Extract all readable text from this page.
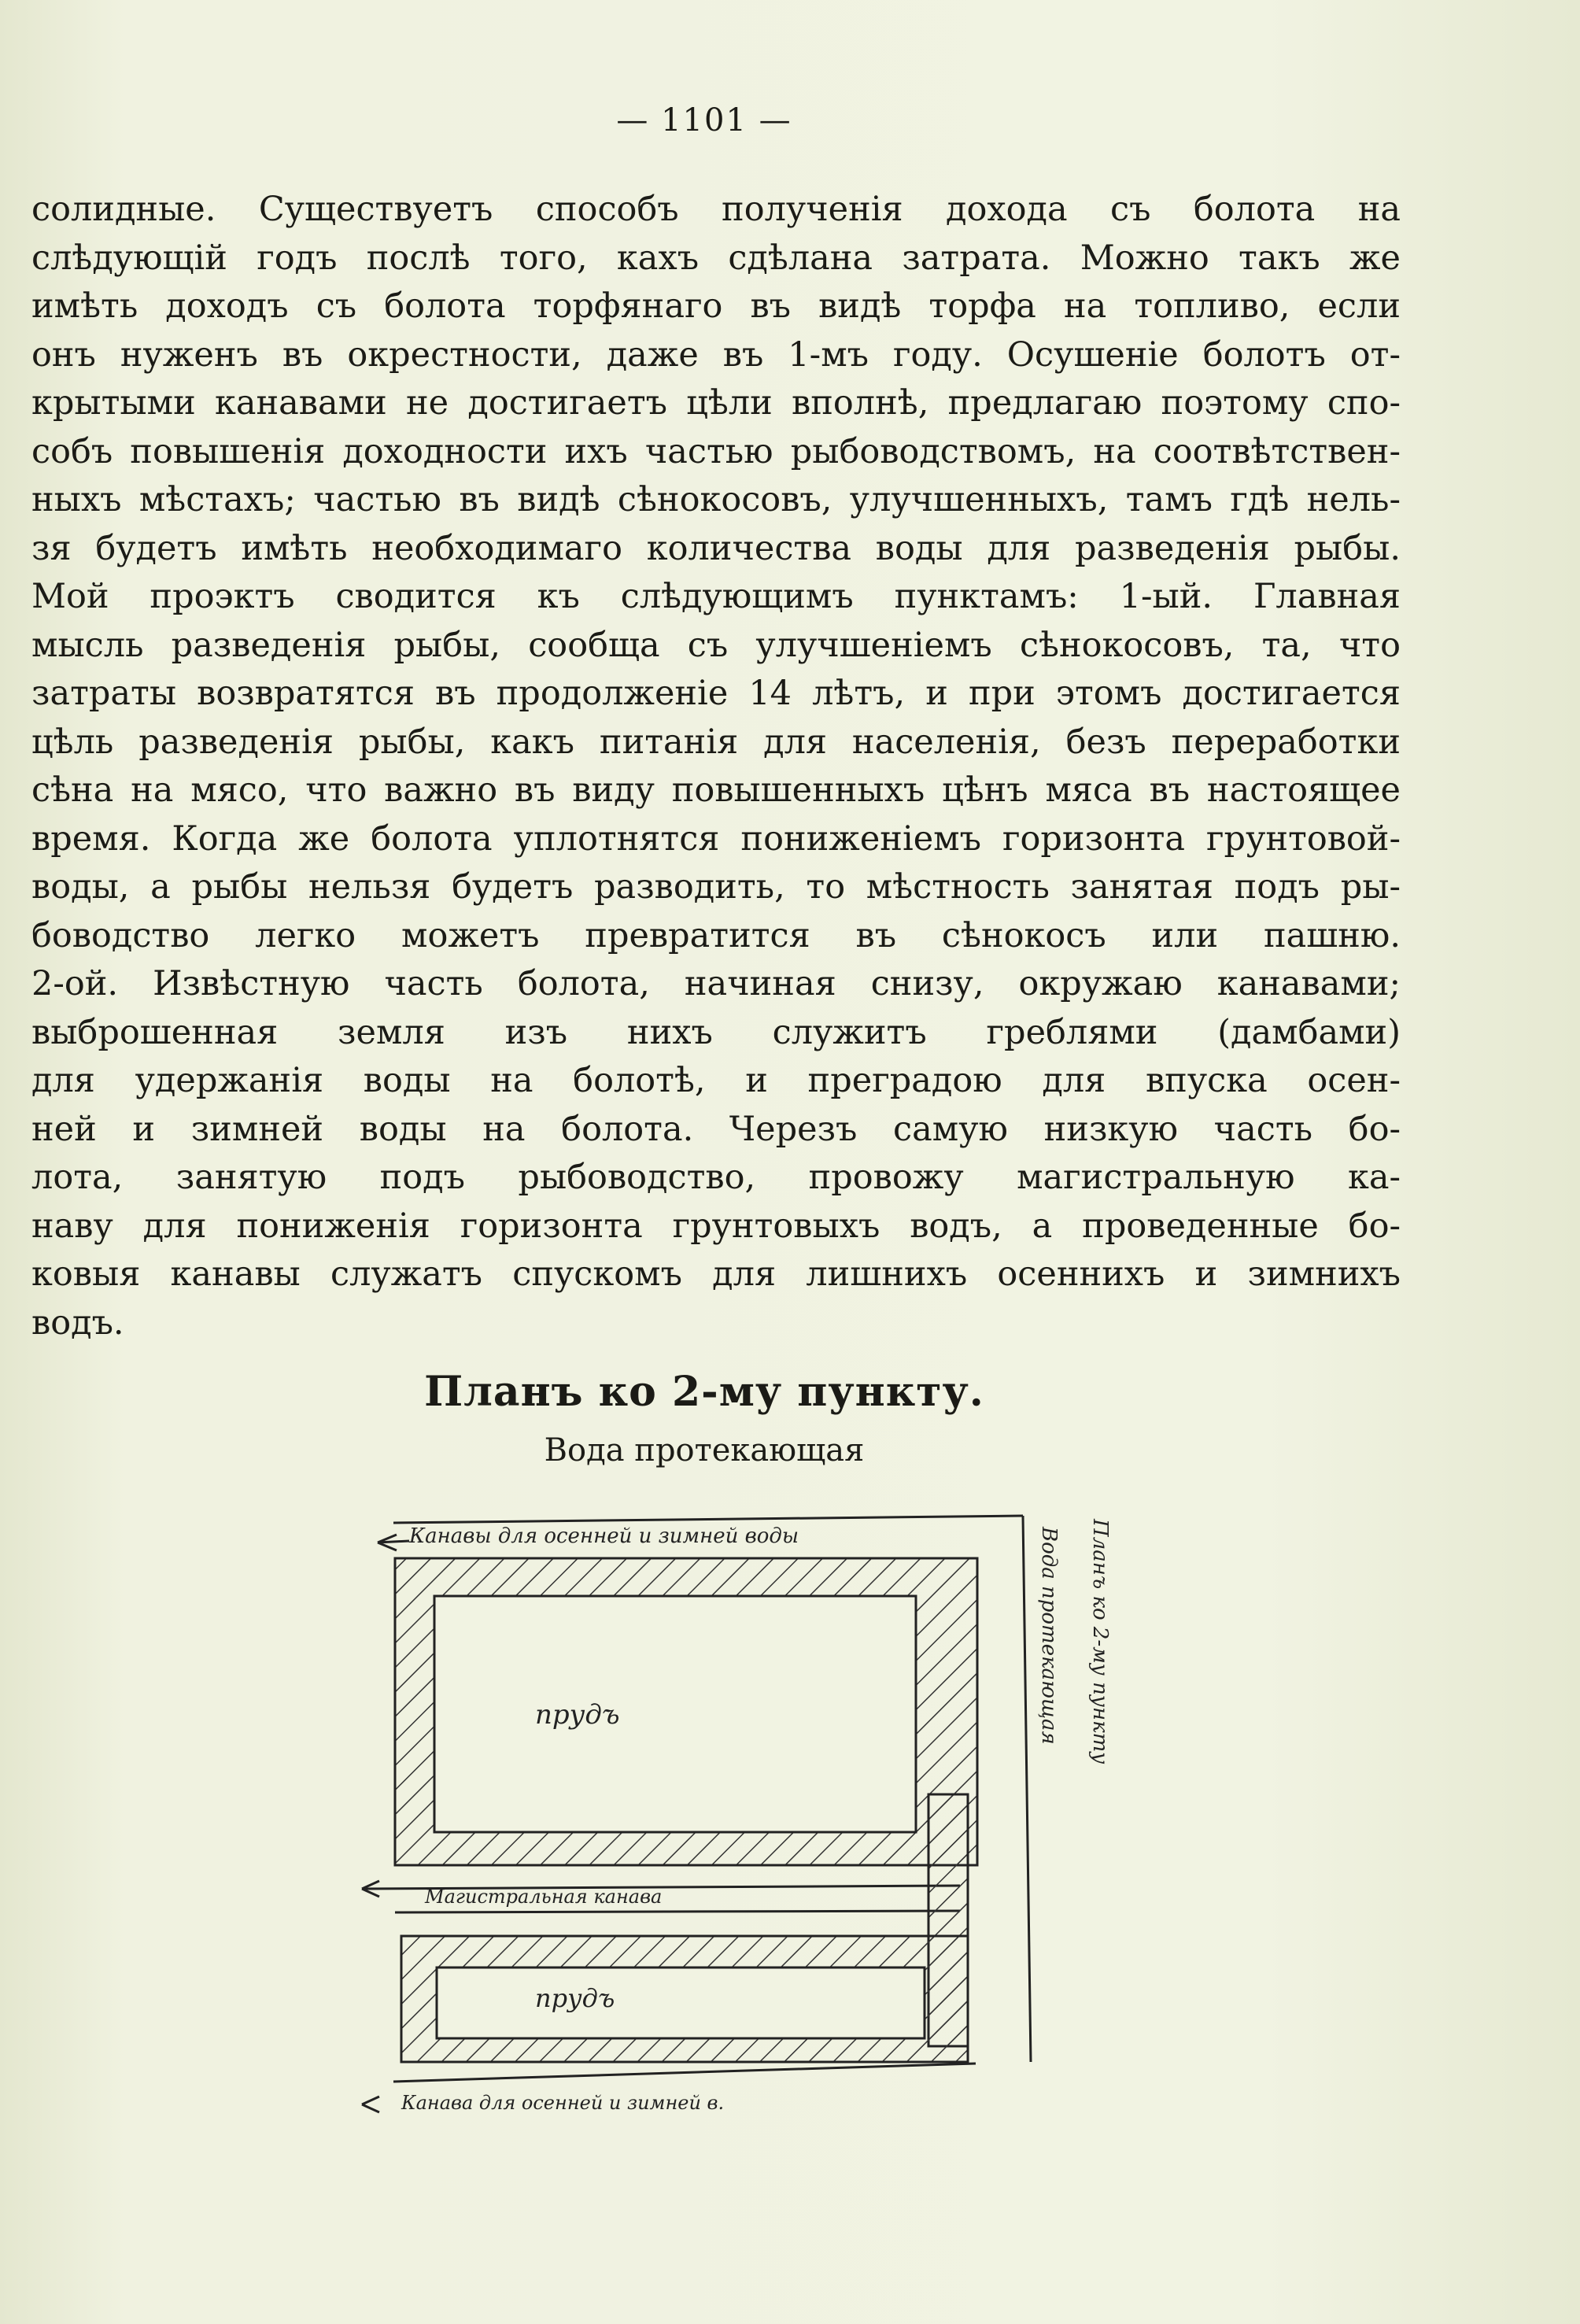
— 1101 —
солидные. Существуетъ способъ полученія дохода съ болота на
слѣдующій годъ послѣ того, кахъ сдѣлана затрата. Можно такъ же
имѣть доходъ съ болота торфянаго въ видѣ торфа на топливо, если
онъ нуженъ въ окрестности, даже въ 1-мъ году. Осушеніе болотъ от-
крытыми канавами не достигаетъ цѣли вполнѣ, предлагаю поэтому спо-
собъ повышенія доходности ихъ частью рыбоводствомъ, на соотвѣтствен-
ныхъ мѣстахъ; частью въ видѣ сѣнокосовъ, улучшенныхъ, тамъ гдѣ нель-
зя будетъ имѣть необходимаго количества воды для разведенія рыбы.
Мой проэктъ сводится къ слѣдующимъ пунктамъ: 1-ый. Главная
мысль разведенія рыбы, сообща съ улучшеніемъ сѣнокосовъ, та, что
затраты возвратятся въ продолженіе 14 лѣтъ, и при этомъ достигается
цѣль разведенія рыбы, какъ питанія для населенія, безъ переработки
сѣна на мясо, что важно въ виду повышенныхъ цѣнъ мяса въ настоящее
время. Когда же болота уплотнятся пониженіемъ горизонта грунтовой-
воды, а рыбы нельзя будетъ разводить, то мѣстность занятая подъ ры-
боводство легко можетъ превратится въ сѣнокосъ или пашню.
2-ой. Извѣстную часть болота, начиная снизу, окружаю канавами;
выброшенная земля изъ нихъ служитъ греблями (дамбами)
для удержанія воды на болотѣ, и преградою для впуска осен-
ней и зимней воды на болота. Черезъ самую низкую часть бо-
лота, занятую подъ рыбоводство, провожу магистральную ка-
наву для пониженія горизонта грунтовыхъ водъ, а проведенные бо-
ковыя канавы служатъ спускомъ для лишнихъ осеннихъ и зимнихъ
водъ.
Планъ ко 2-му пункту.
Вода протекающая
прудъ
Магистральная канава
прудъ
Канавы для осенней и зимней воды
Канава для осенней и зимней в.
Вода протекающая Планъ ко 2-му пункту
